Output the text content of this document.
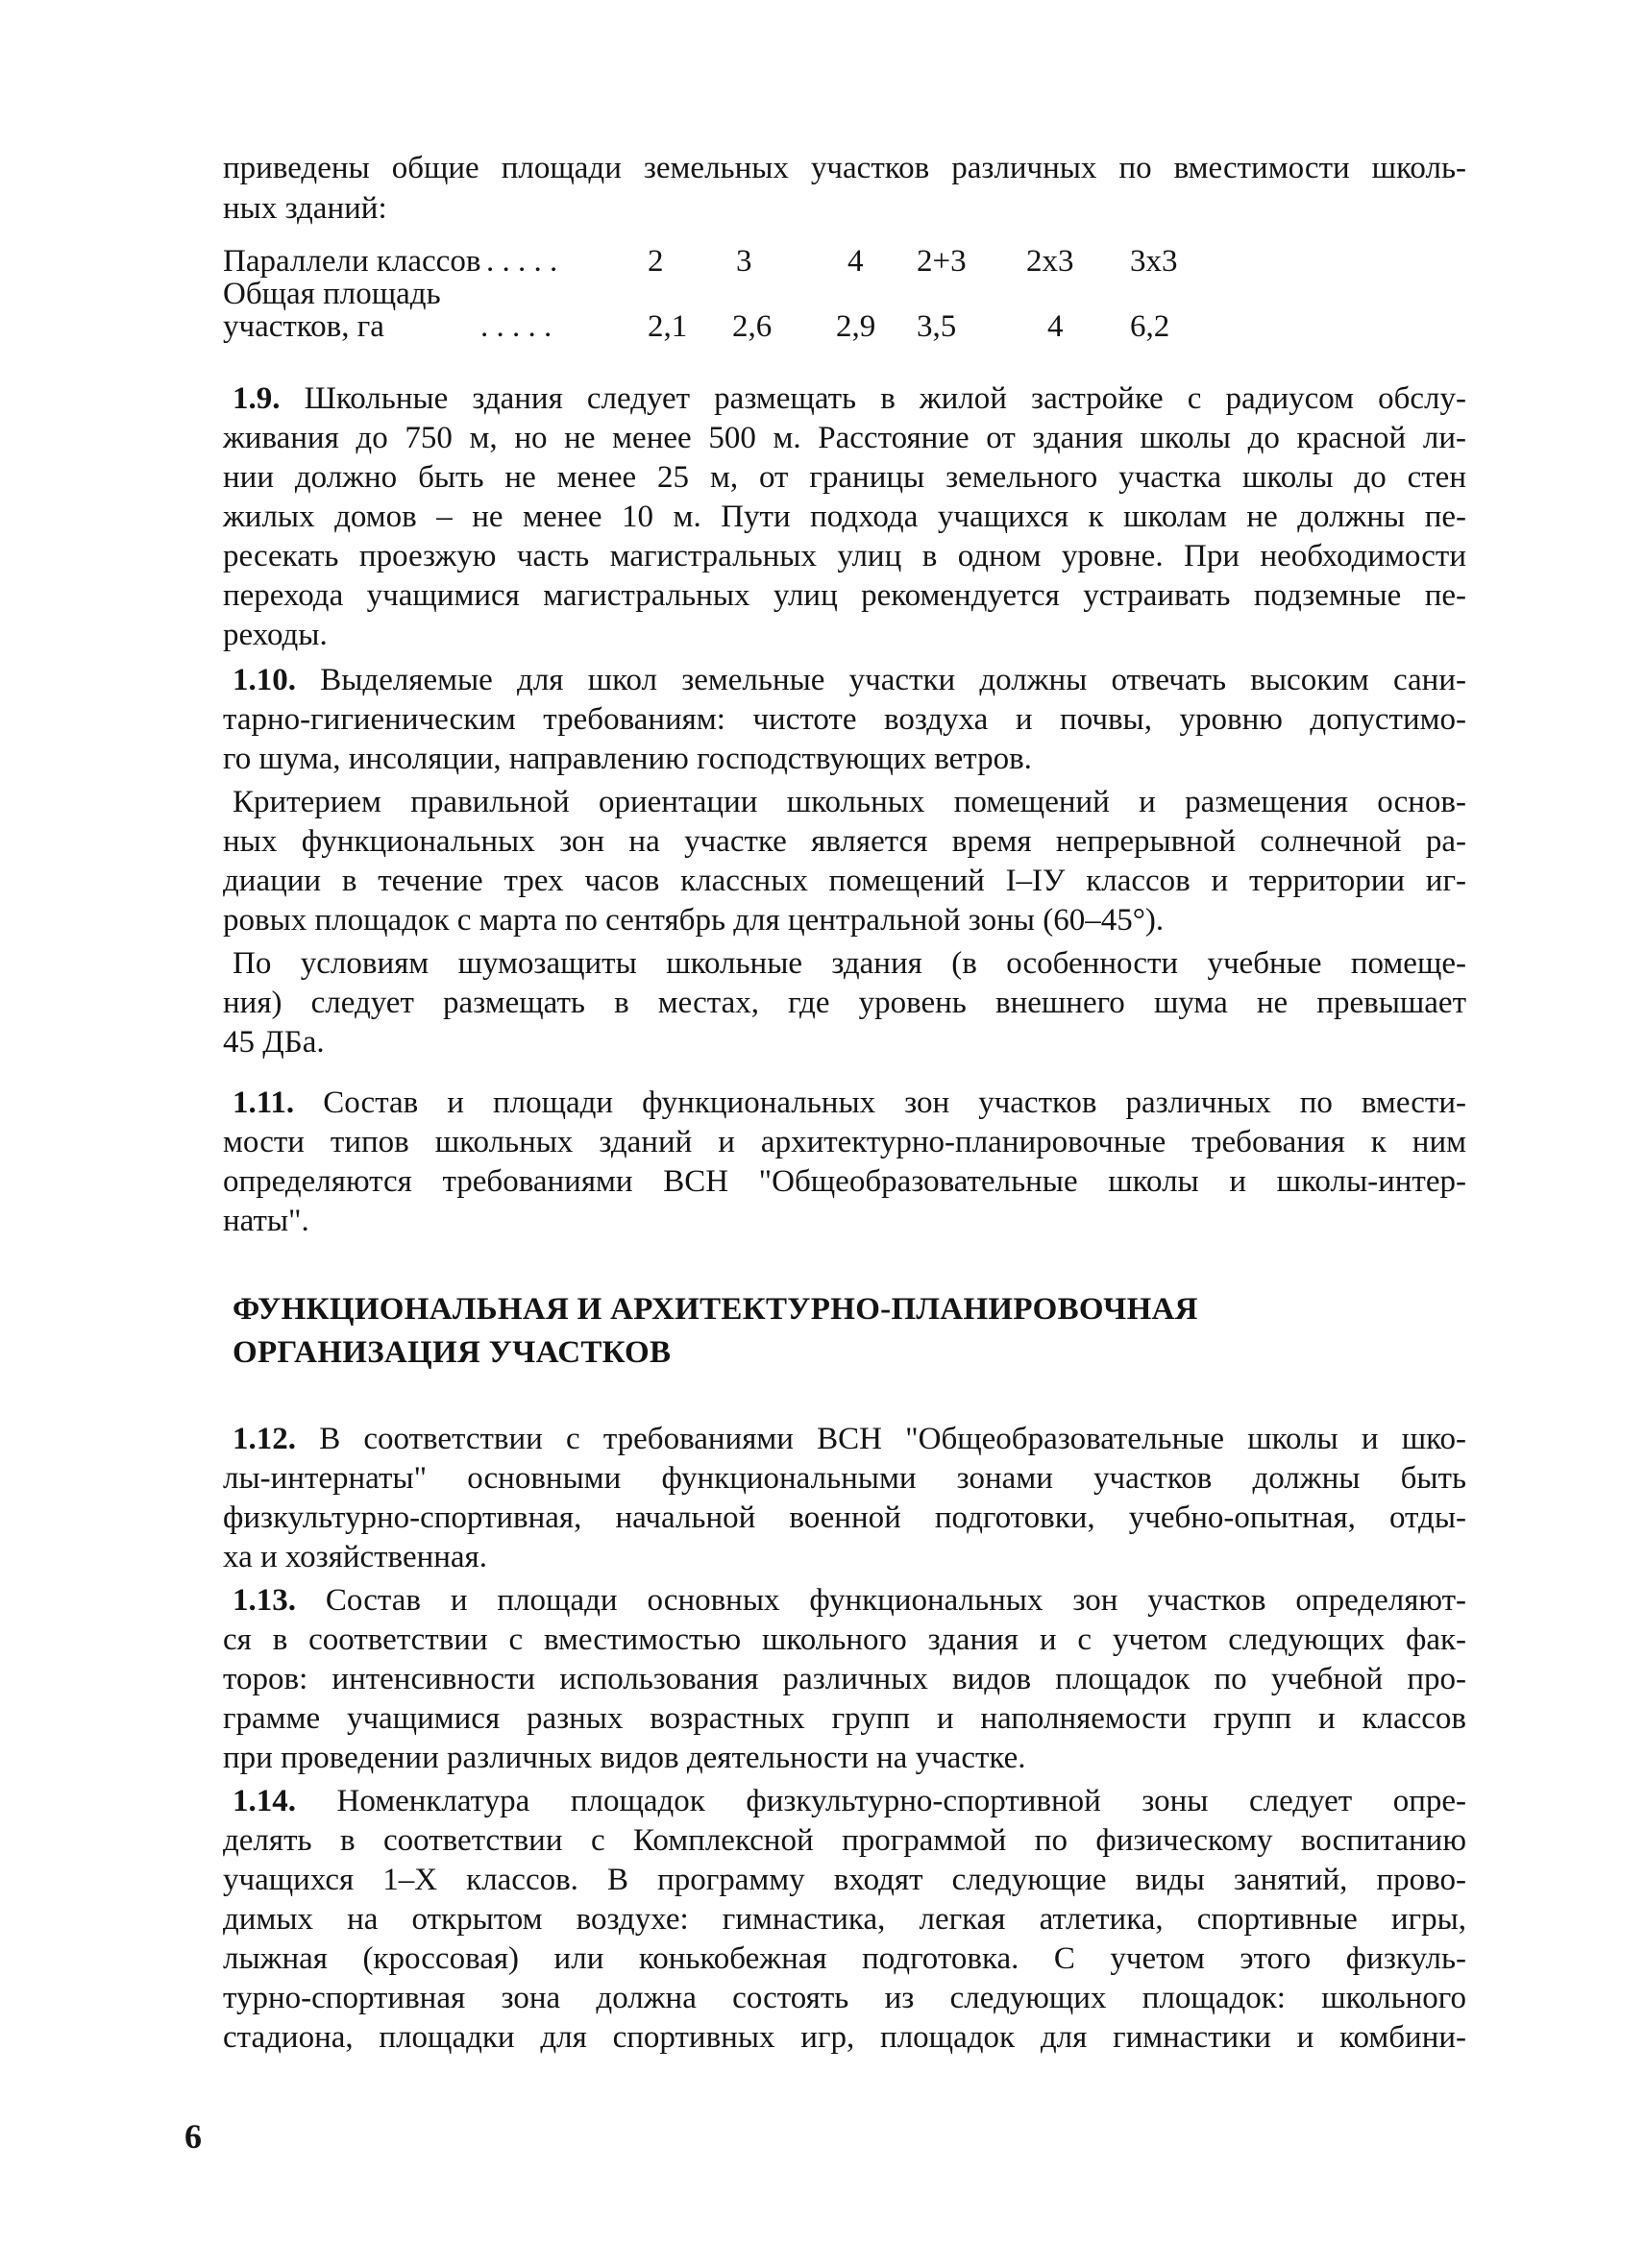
приведены общие площади земельных участков различных по вместимости школь-
ных зданий:
Параллели классов . . . . .	2 3	4 2+3 2x3 3x3
Общая площадь
участков, га	. . . . .	2,1 2,6 2,9 3,5	4 6,2
1.9. Школьные здания следует размещать в жилой застройке с радиусом обслу-
живания до 750 м, но не менее 500 м. Расстояние от здания школы до красной ли-
нии должно быть не менее 25 м, от границы земельного участка школы до стен
жилых домов – не менее 10 м. Пути подхода учащихся к школам не должны пе-
ресекать проезжую часть магистральных улиц в одном уровне. При необходимости
перехода учащимися магистральных улиц рекомендуется устраивать подземные пе-
реходы.
1.10. Выделяемые для школ земельные участки должны отвечать высоким сани-
тарно-гигиеническим требованиям: чистоте воздуха и почвы, уровню допустимо-
го шума, инсоляции, направлению господствующих ветров.
Критерием правильной ориентации школьных помещений и размещения основ-
ных функциональных зон на участке является время непрерывной солнечной ра-
диации в течение трех часов классных помещений I–IУ классов и территории иг-
ровых площадок с марта по сентябрь для центральной зоны (60–45°).
По условиям шумозащиты школьные здания (в особенности учебные помеще-
ния) следует размещать в местах, где уровень внешнего шума не превышает
45 ДБа.
1.11. Состав и площади функциональных зон участков различных по вмести-
мости типов школьных зданий и архитектурно-планировочные требования к ним
определяются требованиями ВСН "Общеобразовательные школы и школы-интер-
наты".
ФУНКЦИОНАЛЬНАЯ И АРХИТЕКТУРНО-ПЛАНИРОВОЧНАЯ
ОРГАНИЗАЦИЯ УЧАСТКОВ
1.12. В соответствии с требованиями ВСН "Общеобразовательные школы и шко-
лы-интернаты" основными функциональными зонами участков должны быть
физкультурно-спортивная, начальной военной подготовки, учебно-опытная, отды-
ха и хозяйственная.
1.13. Состав и площади основных функциональных зон участков определяют-
ся в соответствии с вместимостью школьного здания и с учетом следующих фак-
торов: интенсивности использования различных видов площадок по учебной про-
грамме учащимися разных возрастных групп и наполняемости групп и классов
при проведении различных видов деятельности на участке.
1.14. Номенклатура площадок физкультурно-спортивной зоны следует опре-
делять в соответствии с Комплексной программой по физическому воспитанию
учащихся 1–X классов. В программу входят следующие виды занятий, прово-
димых на открытом воздухе: гимнастика, легкая атлетика, спортивные игры,
лыжная (кроссовая) или конькобежная подготовка. С учетом этого физкуль-
турно-спортивная зона должна состоять из следующих площадок: школьного
стадиона, площадки для спортивных игр, площадок для гимнастики и комбини-
6
